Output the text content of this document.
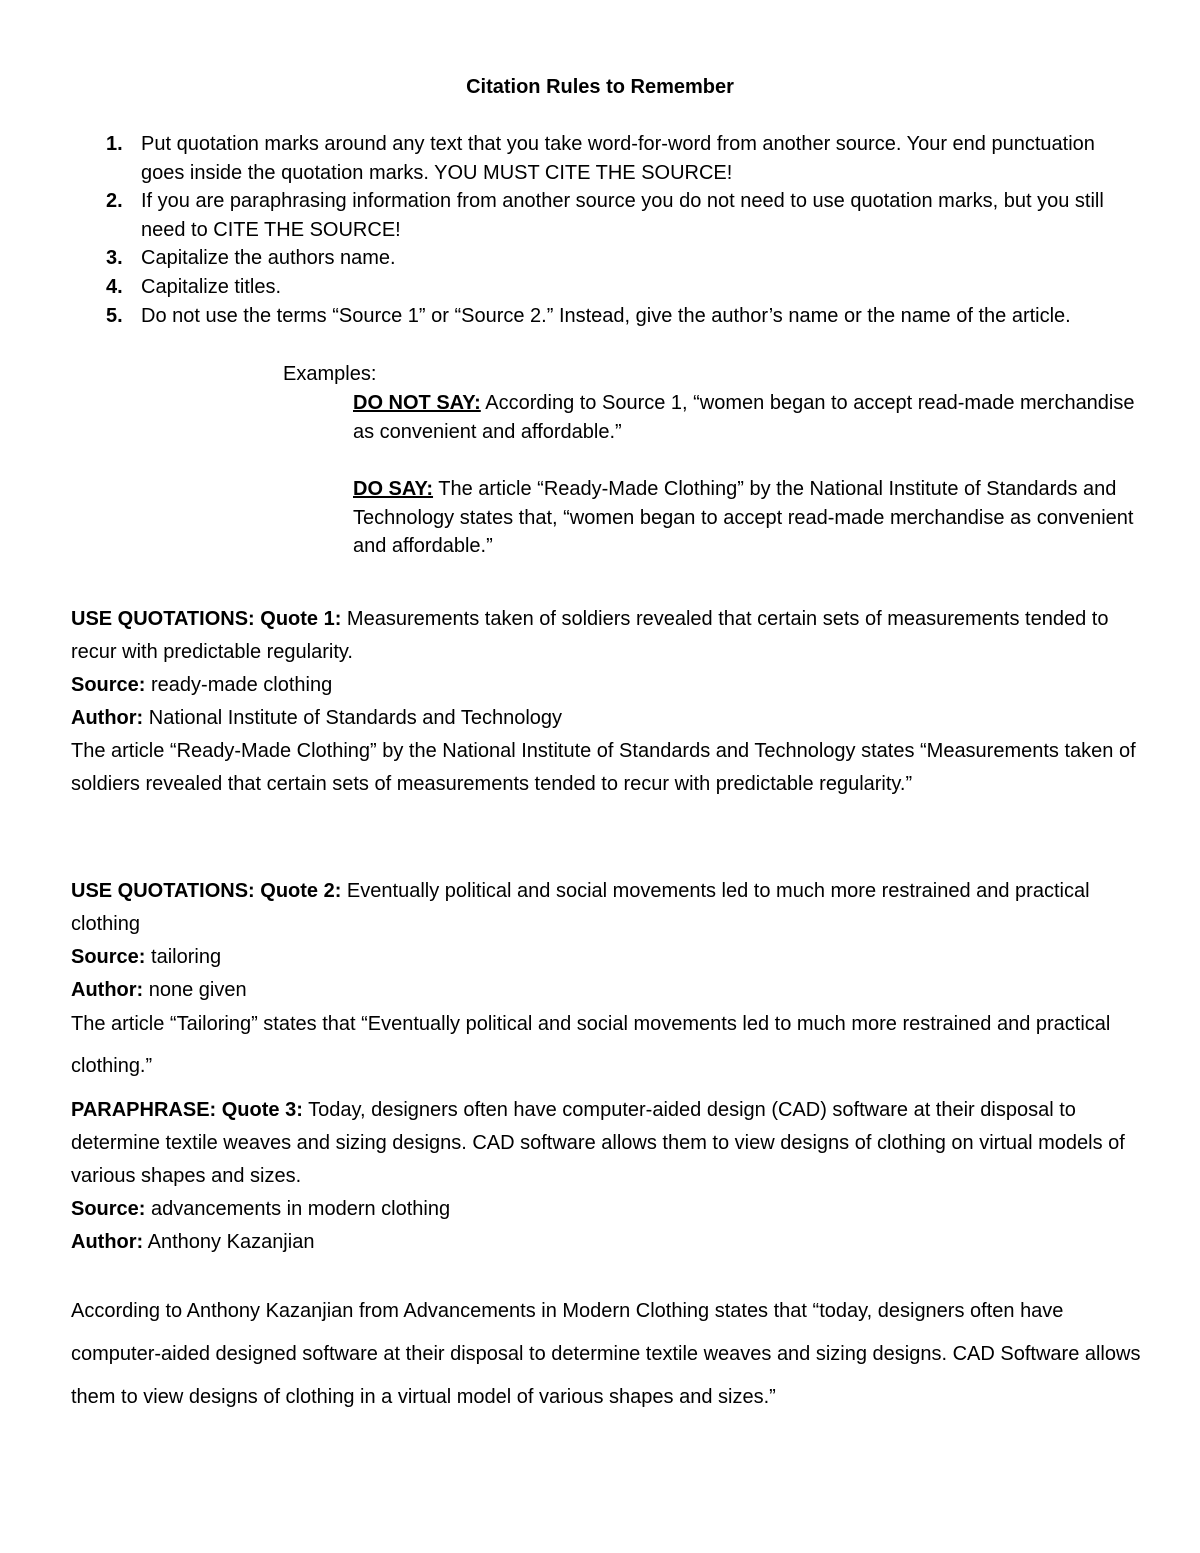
Citation Rules to Remember
1. Put quotation marks around any text that you take word-for-word from another source. Your end punctuation goes inside the quotation marks. YOU MUST CITE THE SOURCE!
2. If you are paraphrasing information from another source you do not need to use quotation marks, but you still need to CITE THE SOURCE!
3. Capitalize the authors name.
4. Capitalize titles.
5. Do not use the terms “Source 1” or “Source 2.” Instead, give the author’s name or the name of the article.
Examples:
DO NOT SAY: According to Source 1, “women began to accept read-made merchandise as convenient and affordable.”
DO SAY: The article “Ready-Made Clothing” by the National Institute of Standards and Technology states that, “women began to accept read-made merchandise as convenient and affordable.”
USE QUOTATIONS: Quote 1: Measurements taken of soldiers revealed that certain sets of measurements tended to recur with predictable regularity.
Source: ready-made clothing
Author: National Institute of Standards and Technology
The article “Ready-Made Clothing” by the National Institute of Standards and Technology states “Measurements taken of soldiers revealed that certain sets of measurements tended to recur with predictable regularity.”
USE QUOTATIONS: Quote 2: Eventually political and social movements led to much more restrained and practical clothing
Source: tailoring
Author: none given
The article “Tailoring” states that “Eventually political and social movements led to much more restrained and practical clothing.”
PARAPHRASE: Quote 3: Today, designers often have computer-aided design (CAD) software at their disposal to determine textile weaves and sizing designs. CAD software allows them to view designs of clothing on virtual models of various shapes and sizes.
Source: advancements in modern clothing
Author: Anthony Kazanjian
According to Anthony Kazanjian from Advancements in Modern Clothing states that “today, designers often have computer-aided designed software at their disposal to determine textile weaves and sizing designs. CAD Software allows them to view designs of clothing in a virtual model of various shapes and sizes.”
